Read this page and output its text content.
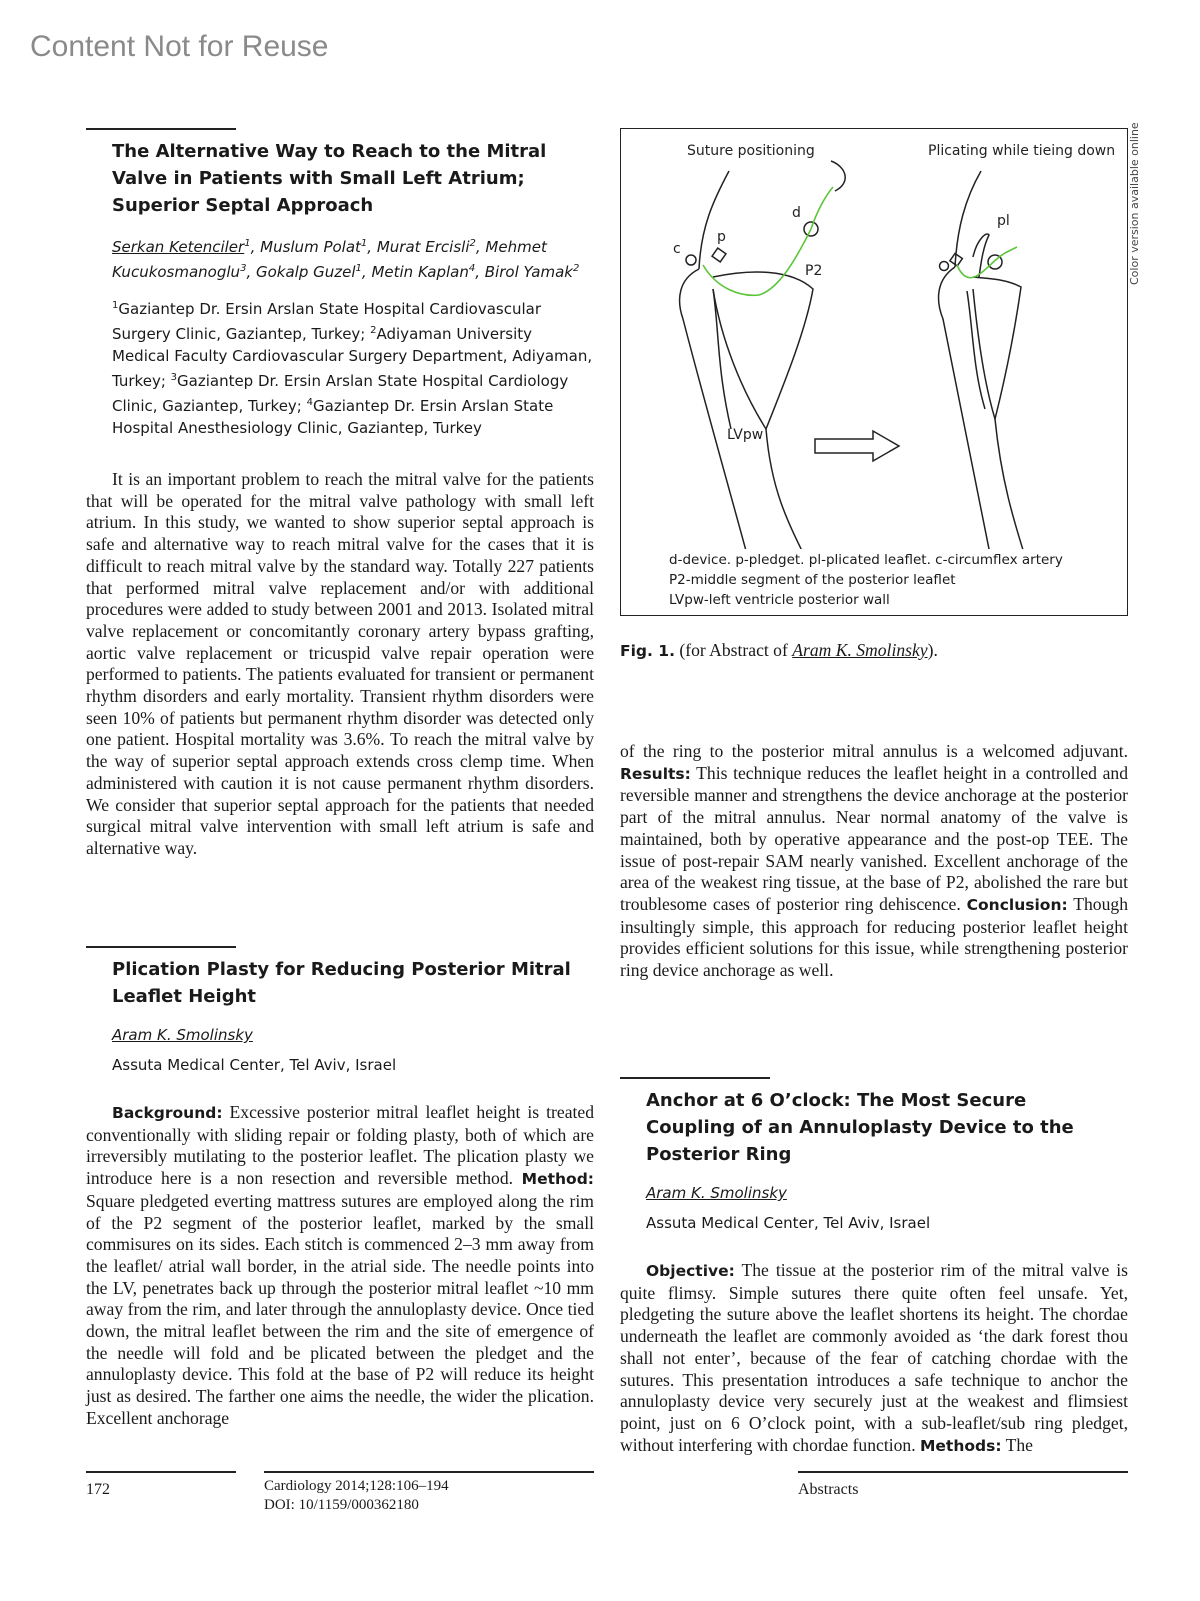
Content Not for Reuse
The Alternative Way to Reach to the Mitral Valve in Patients with Small Left Atrium; Superior Septal Approach
Serkan Ketenciler$^1$, Muslum Polat$^1$, Murat Ercisli$^2$, Mehmet Kucukosmanoglu$^3$, Gokalp Guzel$^1$, Metin Kaplan$^4$, Birol Yamak$^2$
$^1$Gaziantep Dr. Ersin Arslan State Hospital Cardiovascular Surgery Clinic, Gaziantep, Turkey; $^2$Adiyaman University Medical Faculty Cardiovascular Surgery Department, Adiyaman, Turkey; $^3$Gaziantep Dr. Ersin Arslan State Hospital Cardiology Clinic, Gaziantep, Turkey; $^4$Gaziantep Dr. Ersin Arslan State Hospital Anesthesiology Clinic, Gaziantep, Turkey

It is an important problem to reach the mitral valve for the patients that will be operated for the mitral valve pathology with small left atrium. In this study, we wanted to show superior septal approach is safe and alternative way to reach mitral valve for the cases that it is difficult to reach mitral valve by the standard way. Totally 227 patients that performed mitral valve replacement and/or with additional procedures were added to study between 2001 and 2013. Isolated mitral valve replacement or concomitantly coronary artery bypass grafting, aortic valve replacement or tricuspid valve repair operation were performed to patients. The patients evaluated for transient or permanent rhythm disorders and early mortality. Transient rhythm disorders were seen 10% of patients but permanent rhythm disorder was detected only one patient. Hospital mortality was 3.6%. To reach the mitral valve by the way of superior septal approach extends cross clemp time. When administered with caution it is not cause permanent rhythm disorders. We consider that superior septal approach for the patients that needed surgical mitral valve intervention with small left atrium is safe and alternative way.

Plication Plasty for Reducing Posterior Mitral Leaflet Height
Aram K. Smolinsky
Assuta Medical Center, Tel Aviv, Israel

Background: Excessive posterior mitral leaflet height is treated conventionally with sliding repair or folding plasty, both of which are irreversibly mutilating to the posterior leaflet. The plication plasty we introduce here is a non resection and reversible method. Method: Square pledgeted everting mattress sutures are employed along the rim of the P2 segment of the posterior leaflet, marked by the small commisures on its sides. Each stitch is commenced 2–3 mm away from the leaflet/ atrial wall border, in the atrial side. The needle points into the LV, penetrates back up through the posterior mitral leaflet ~10 mm away from the rim, and later through the annuloplasty device. Once tied down, the mitral leaflet between the rim and the site of emergence of the needle will fold and be plicated between the pledget and the annuloplasty device. This fold at the base of P2 will reduce its height just as desired. The farther one aims the needle, the wider the plication. Excellent anchorage

Suture positioning	Plicating while tieing down
c
p
d
P2
pl
LVpw
d-device. p-pledget. pl-plicated leaflet. c-circumflex artery
P2-middle segment of the posterior leaflet
LVpw-left ventricle posterior wall
Color version available online
Fig. 1. (for Abstract of Aram K. Smolinsky).

of the ring to the posterior mitral annulus is a welcomed adjuvant. Results: This technique reduces the leaflet height in a controlled and reversible manner and strengthens the device anchorage at the posterior part of the mitral annulus. Near normal anatomy of the valve is maintained, both by operative appearance and the post-op TEE. The issue of post-repair SAM nearly vanished. Excellent anchorage of the area of the weakest ring tissue, at the base of P2, abolished the rare but troublesome cases of posterior ring dehiscence. Conclusion: Though insultingly simple, this approach for reducing posterior leaflet height provides efficient solutions for this issue, while strengthening posterior ring device anchorage as well.

Anchor at 6 O’clock: The Most Secure Coupling of an Annuloplasty Device to the Posterior Ring
Aram K. Smolinsky
Assuta Medical Center, Tel Aviv, Israel

Objective: The tissue at the posterior rim of the mitral valve is quite flimsy. Simple sutures there quite often feel unsafe. Yet, pledgeting the suture above the leaflet shortens its height. The chordae underneath the leaflet are commonly avoided as ‘the dark forest thou shall not enter’, because of the fear of catching chordae with the sutures. This presentation introduces a safe technique to anchor the annuloplasty device very securely just at the weakest and flimsiest point, just on 6 O’clock point, with a sub-leaflet/sub ring pledget, without interfering with chordae function. Methods: The

172	Cardiology 2014;128:106–194
DOI: 10/1159/000362180
Abstracts
